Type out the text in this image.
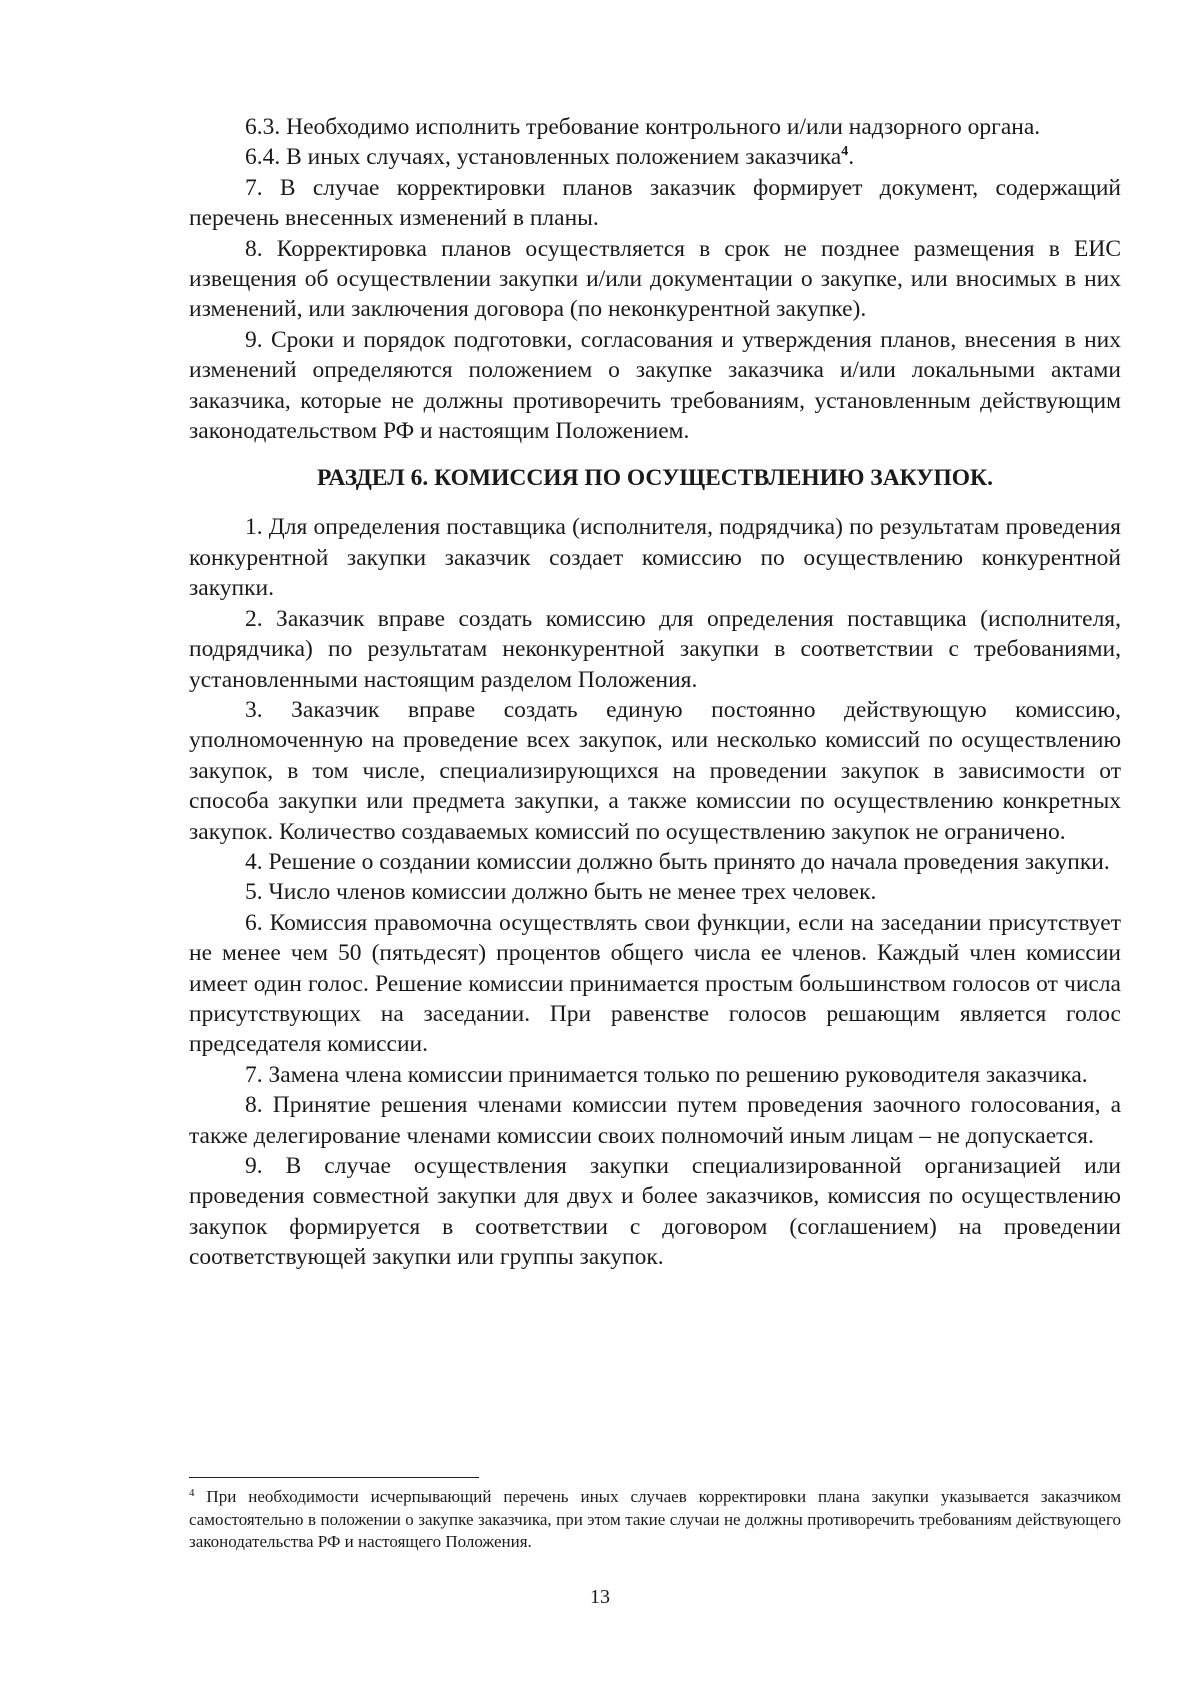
6.3. Необходимо исполнить требование контрольного и/или надзорного органа.

6.4. В иных случаях, установленных положением заказчика$^4$.

7. В случае корректировки планов заказчик формирует документ, содержащий перечень внесенных изменений в планы.

8. Корректировка планов осуществляется в срок не позднее размещения в ЕИС извещения об осуществлении закупки и/или документации о закупке, или вносимых в них изменений, или заключения договора (по неконкурентной закупке).

9. Сроки и порядок подготовки, согласования и утверждения планов, внесения в них изменений определяются положением о закупке заказчика и/или локальными актами заказчика, которые не должны противоречить требованиям, установленным действующим законодательством РФ и настоящим Положением.

РАЗДЕЛ 6. КОМИССИЯ ПО ОСУЩЕСТВЛЕНИЮ ЗАКУПОК.

1. Для определения поставщика (исполнителя, подрядчика) по результатам проведения конкурентной закупки заказчик создает комиссию по осуществлению конкурентной закупки.

2. Заказчик вправе создать комиссию для определения поставщика (исполнителя, подрядчика) по результатам неконкурентной закупки в соответствии с требованиями, установленными настоящим разделом Положения.

3. Заказчик вправе создать единую постоянно действующую комиссию, уполномоченную на проведение всех закупок, или несколько комиссий по осуществлению закупок, в том числе, специализирующихся на проведении закупок в зависимости от способа закупки или предмета закупки, а также комиссии по осуществлению конкретных закупок. Количество создаваемых комиссий по осуществлению закупок не ограничено.

4. Решение о создании комиссии должно быть принято до начала проведения закупки.

5. Число членов комиссии должно быть не менее трех человек.

6. Комиссия правомочна осуществлять свои функции, если на заседании присутствует не менее чем 50 (пятьдесят) процентов общего числа ее членов. Каждый член комиссии имеет один голос. Решение комиссии принимается простым большинством голосов от числа присутствующих на заседании. При равенстве голосов решающим является голос председателя комиссии.

7. Замена члена комиссии принимается только по решению руководителя заказчика.

8. Принятие решения членами комиссии путем проведения заочного голосования, а также делегирование членами комиссии своих полномочий иным лицам – не допускается.

9. В случае осуществления закупки специализированной организацией или проведения совместной закупки для двух и более заказчиков, комиссия по осуществлению закупок формируется в соответствии с договором (соглашением) на проведении соответствующей закупки или группы закупок.

$^4$ При необходимости исчерпывающий перечень иных случаев корректировки плана закупки указывается заказчиком самостоятельно в положении о закупке заказчика, при этом такие случаи не должны противоречить требованиям действующего законодательства РФ и настоящего Положения.

13
